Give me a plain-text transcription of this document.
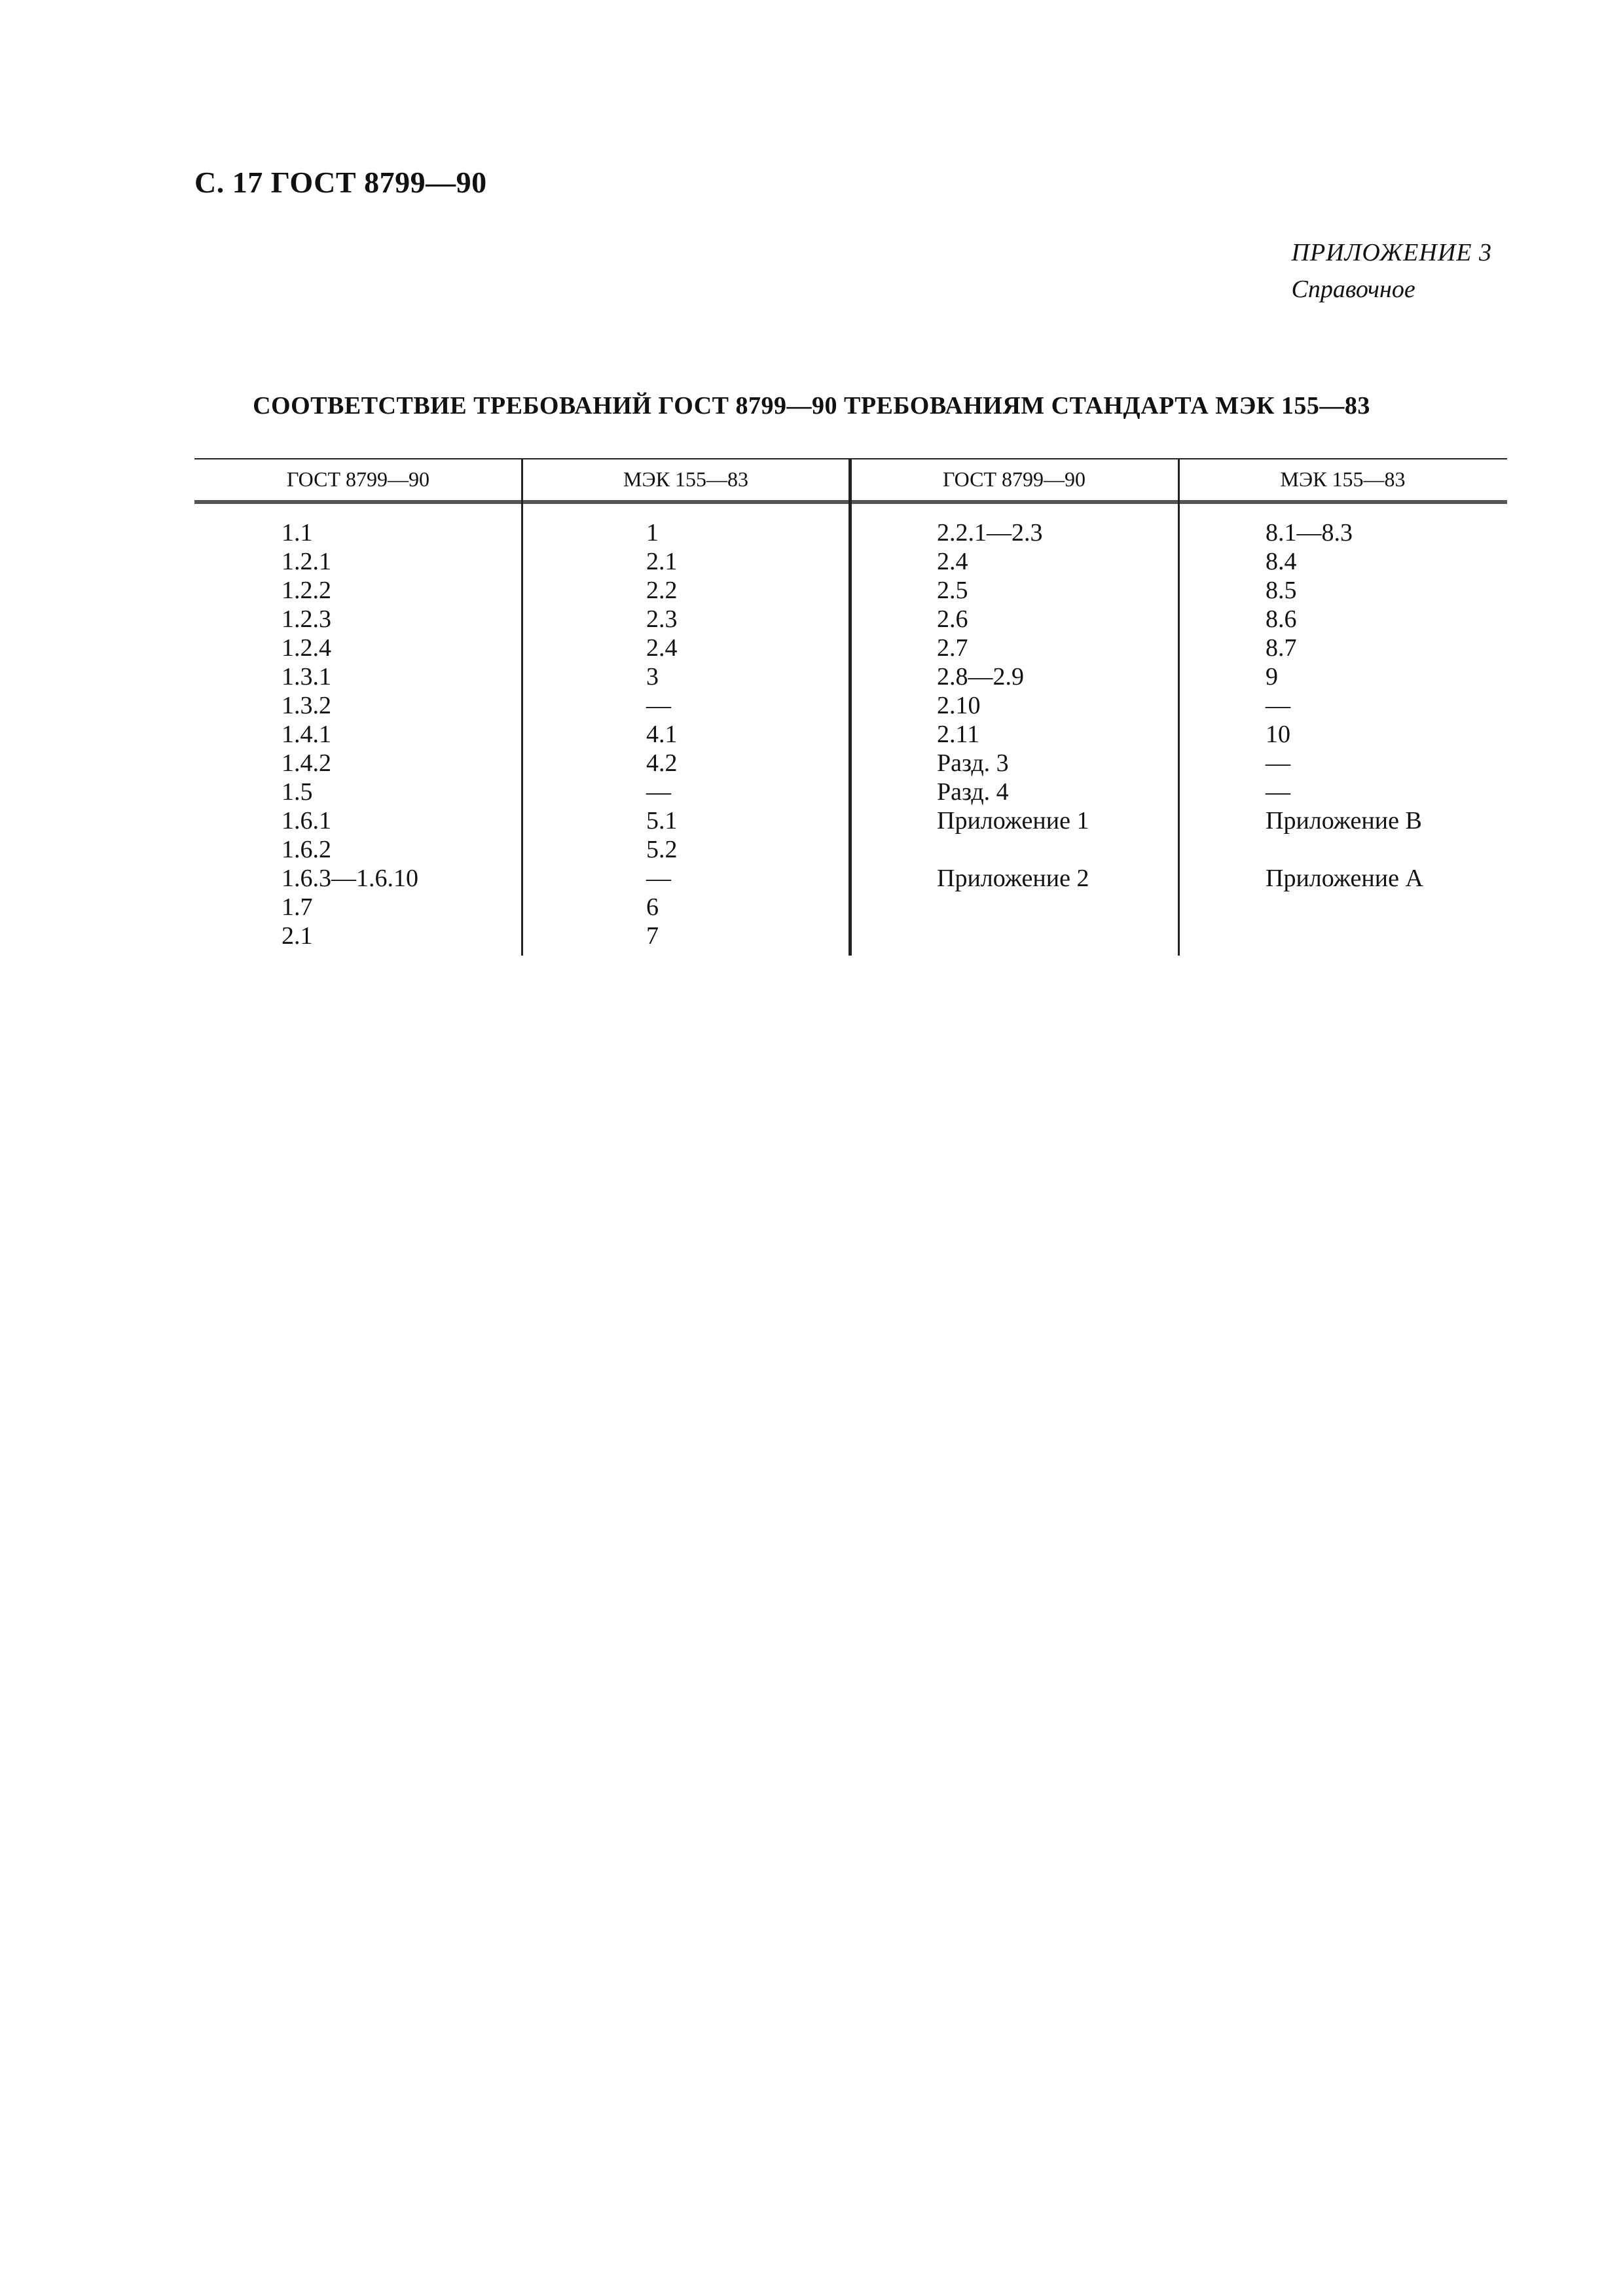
С. 17 ГОСТ 8799—90
ПРИЛОЖЕНИЕ 3
Справочное
СООТВЕТСТВИЕ ТРЕБОВАНИЙ ГОСТ 8799—90 ТРЕБОВАНИЯМ СТАНДАРТА МЭК 155—83
ГОСТ 8799—90
1.1
1.2.1
1.2.2
1.2.3
1.2.4
1.3.1
1.3.2
1.4.1
1.4.2
1.5
1.6.1
1.6.2
1.6.3—1.6.10
1.7
2.1
МЭК 155—83
1
2.1
2.2
2.3
2.4
3
—
4.1
4.2
—
5.1
5.2
—
6
7
ГОСТ 8799—90
2.2.1—2.3
2.4
2.5
2.6
2.7
2.8—2.9
2.10
2.11
Разд. 3
Разд. 4
Приложение 1
Приложение 2
МЭК 155—83
8.1—8.3
8.4
8.5
8.6
8.7
9
—
10
—
—
Приложение В
Приложение А
